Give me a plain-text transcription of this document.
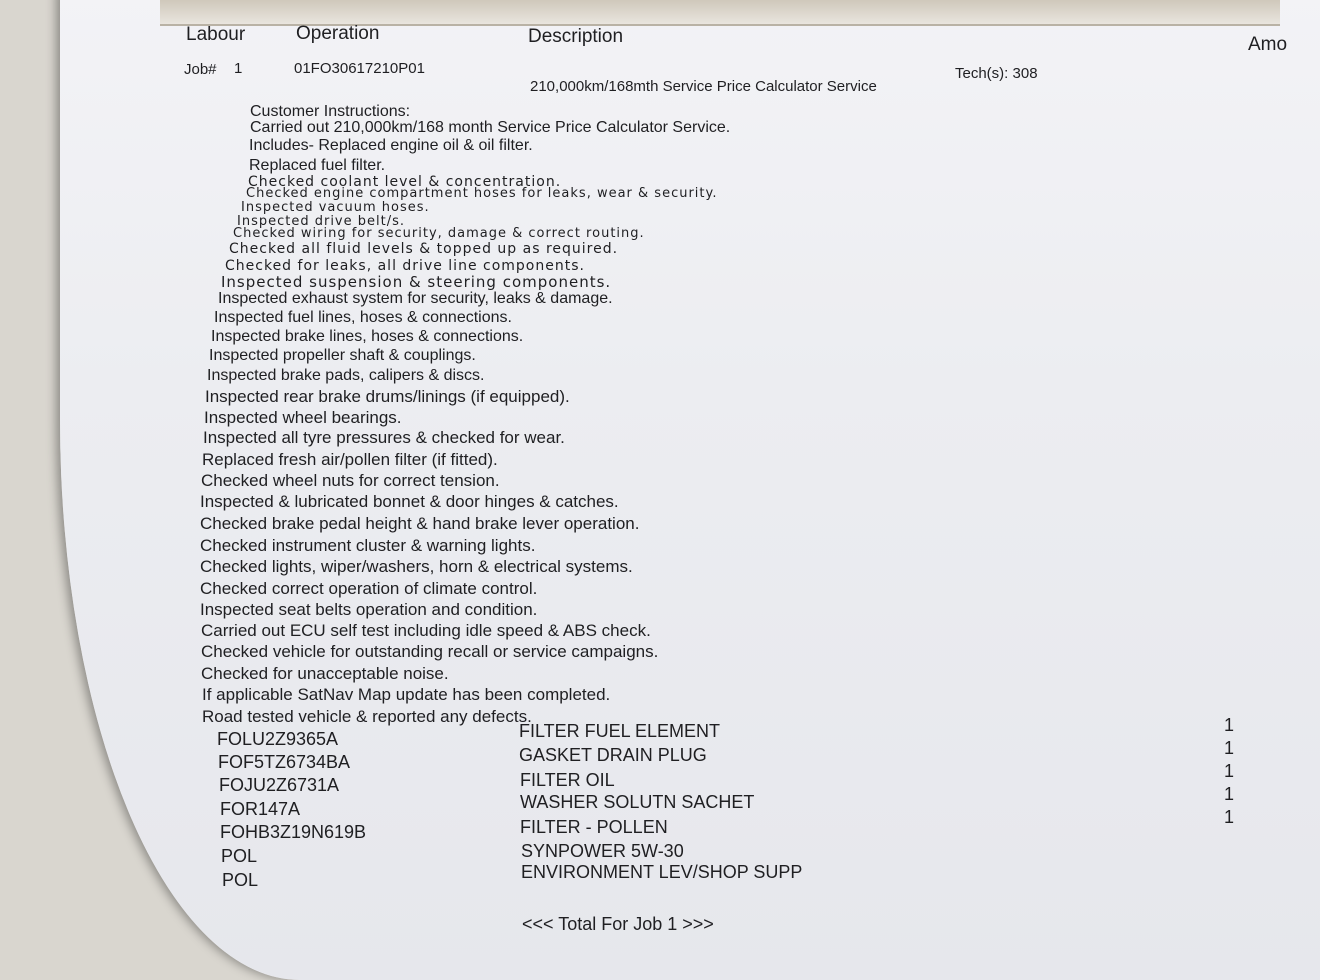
Labour	Operation	Description	Amo
Job# 1	01FO30617210P01	Tech(s): 308
210,000km/168mth Service Price Calculator Service
Customer Instructions:
Carried out 210,000km/168 month Service Price Calculator Service.
Includes- Replaced engine oil & oil filter.
Replaced fuel filter.
Checked coolant level & concentration.
Checked engine compartment hoses for leaks, wear & security.
Inspected vacuum hoses.
Inspected drive belt/s.
Checked wiring for security, damage & correct routing.
Checked all fluid levels & topped up as required.
Checked for leaks, all drive line components.
Inspected suspension & steering components.
Inspected exhaust system for security, leaks & damage.
Inspected fuel lines, hoses & connections.
Inspected brake lines, hoses & connections.
Inspected propeller shaft & couplings.
Inspected brake pads, calipers & discs.
Inspected rear brake drums/linings (if equipped).
Inspected wheel bearings.
Inspected all tyre pressures & checked for wear.
Replaced fresh air/pollen filter (if fitted).
Checked wheel nuts for correct tension.
Inspected & lubricated bonnet & door hinges & catches.
Checked brake pedal height & hand brake lever operation.
Checked instrument cluster & warning lights.
Checked lights, wiper/washers, horn & electrical systems.
Checked correct operation of climate control.
Inspected seat belts operation and condition.
Carried out ECU self test including idle speed & ABS check.
Checked vehicle for outstanding recall or service campaigns.
Checked for unacceptable noise.
If applicable SatNav Map update has been completed.
Road tested vehicle & reported any defects.
FOLU2Z9365A	FILTER FUEL ELEMENT	1
FOF5TZ6734BA	GASKET DRAIN PLUG	1
FOJU2Z6731A	FILTER OIL	1
FOR147A	WASHER SOLUTN SACHET	1
FOHB3Z19N619B	FILTER - POLLEN	1
POL	SYNPOWER 5W-30
POL	ENVIRONMENT LEV/SHOP SUPP
<<< Total For Job 1 >>>
